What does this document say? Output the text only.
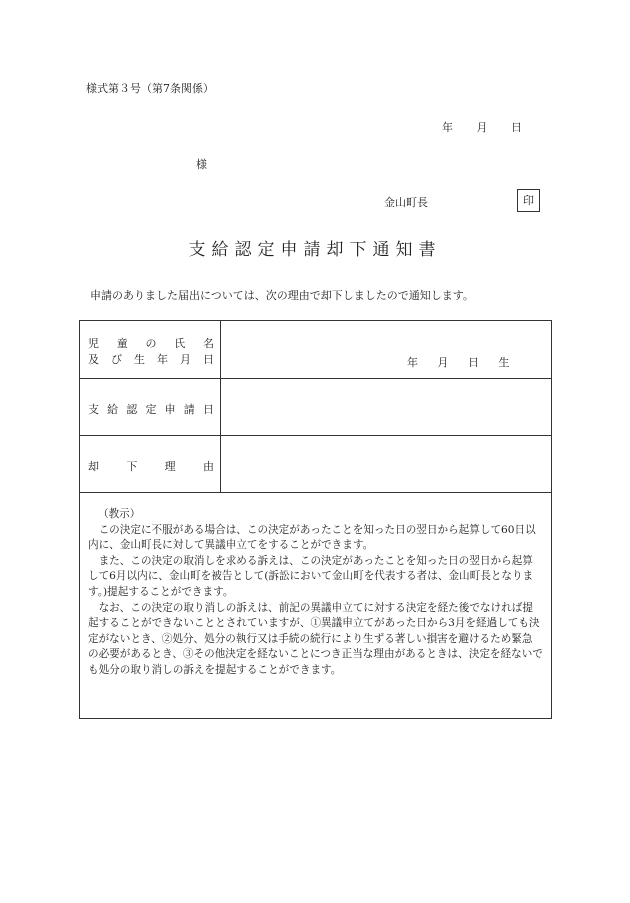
様式第３号（第7条関係）
年 月 日
様
金山町長	印
支給認定申請却下通知書
申請のありました届出については、次の理由で却下しましたので通知します。
児 童 の 氏 名
及 び 生 年 月 日	年 月 日 生
支 給 認 定 申 請 日
却 下 理 由

（教示）

この決定に不服がある場合は、この決定があったことを知った日の翌日から起算して60日以内に、金山町長に対して異議申立てをすることができます。

また、この決定の取消しを求める訴えは、この決定があったことを知った日の翌日から起算して6月以内に、金山町を被告として(訴訟において金山町を代表する者は、金山町長となります。)提起することができます。

なお、この決定の取り消しの訴えは、前記の異議申立てに対する決定を経た後でなければ提起することができないこととされていますが、①異議申立てがあった日から3月を経過しても決定がないとき、②処分、処分の執行又は手続の続行により生ずる著しい損害を避けるため緊急の必要があるとき、③その他決定を経ないことにつき正当な理由があるときは、決定を経ないでも処分の取り消しの訴えを提起することができます。
